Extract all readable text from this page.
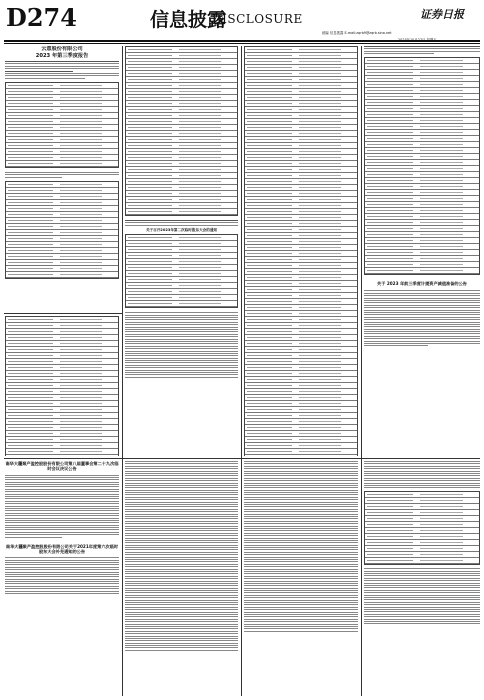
D274	信息披露
DISCLOSURE	证券日报
邮编 信息披露 E-mail:zqrb9@zqrb.sina.net
2023年10月27日 星期五
云意股份有限公司
2023 年第三季度报告
关于召开2023年第二次临时股东大会的通知
关于 2023 年前三季度计提资产减值准备的公告
南华大疆聚产盈控股股份有限公司第八届董事会第二十九次临时会议决议公告
南华大疆聚产盈控股股份有限公司关于2021年度第六次临时股东大会补充通知的公告
